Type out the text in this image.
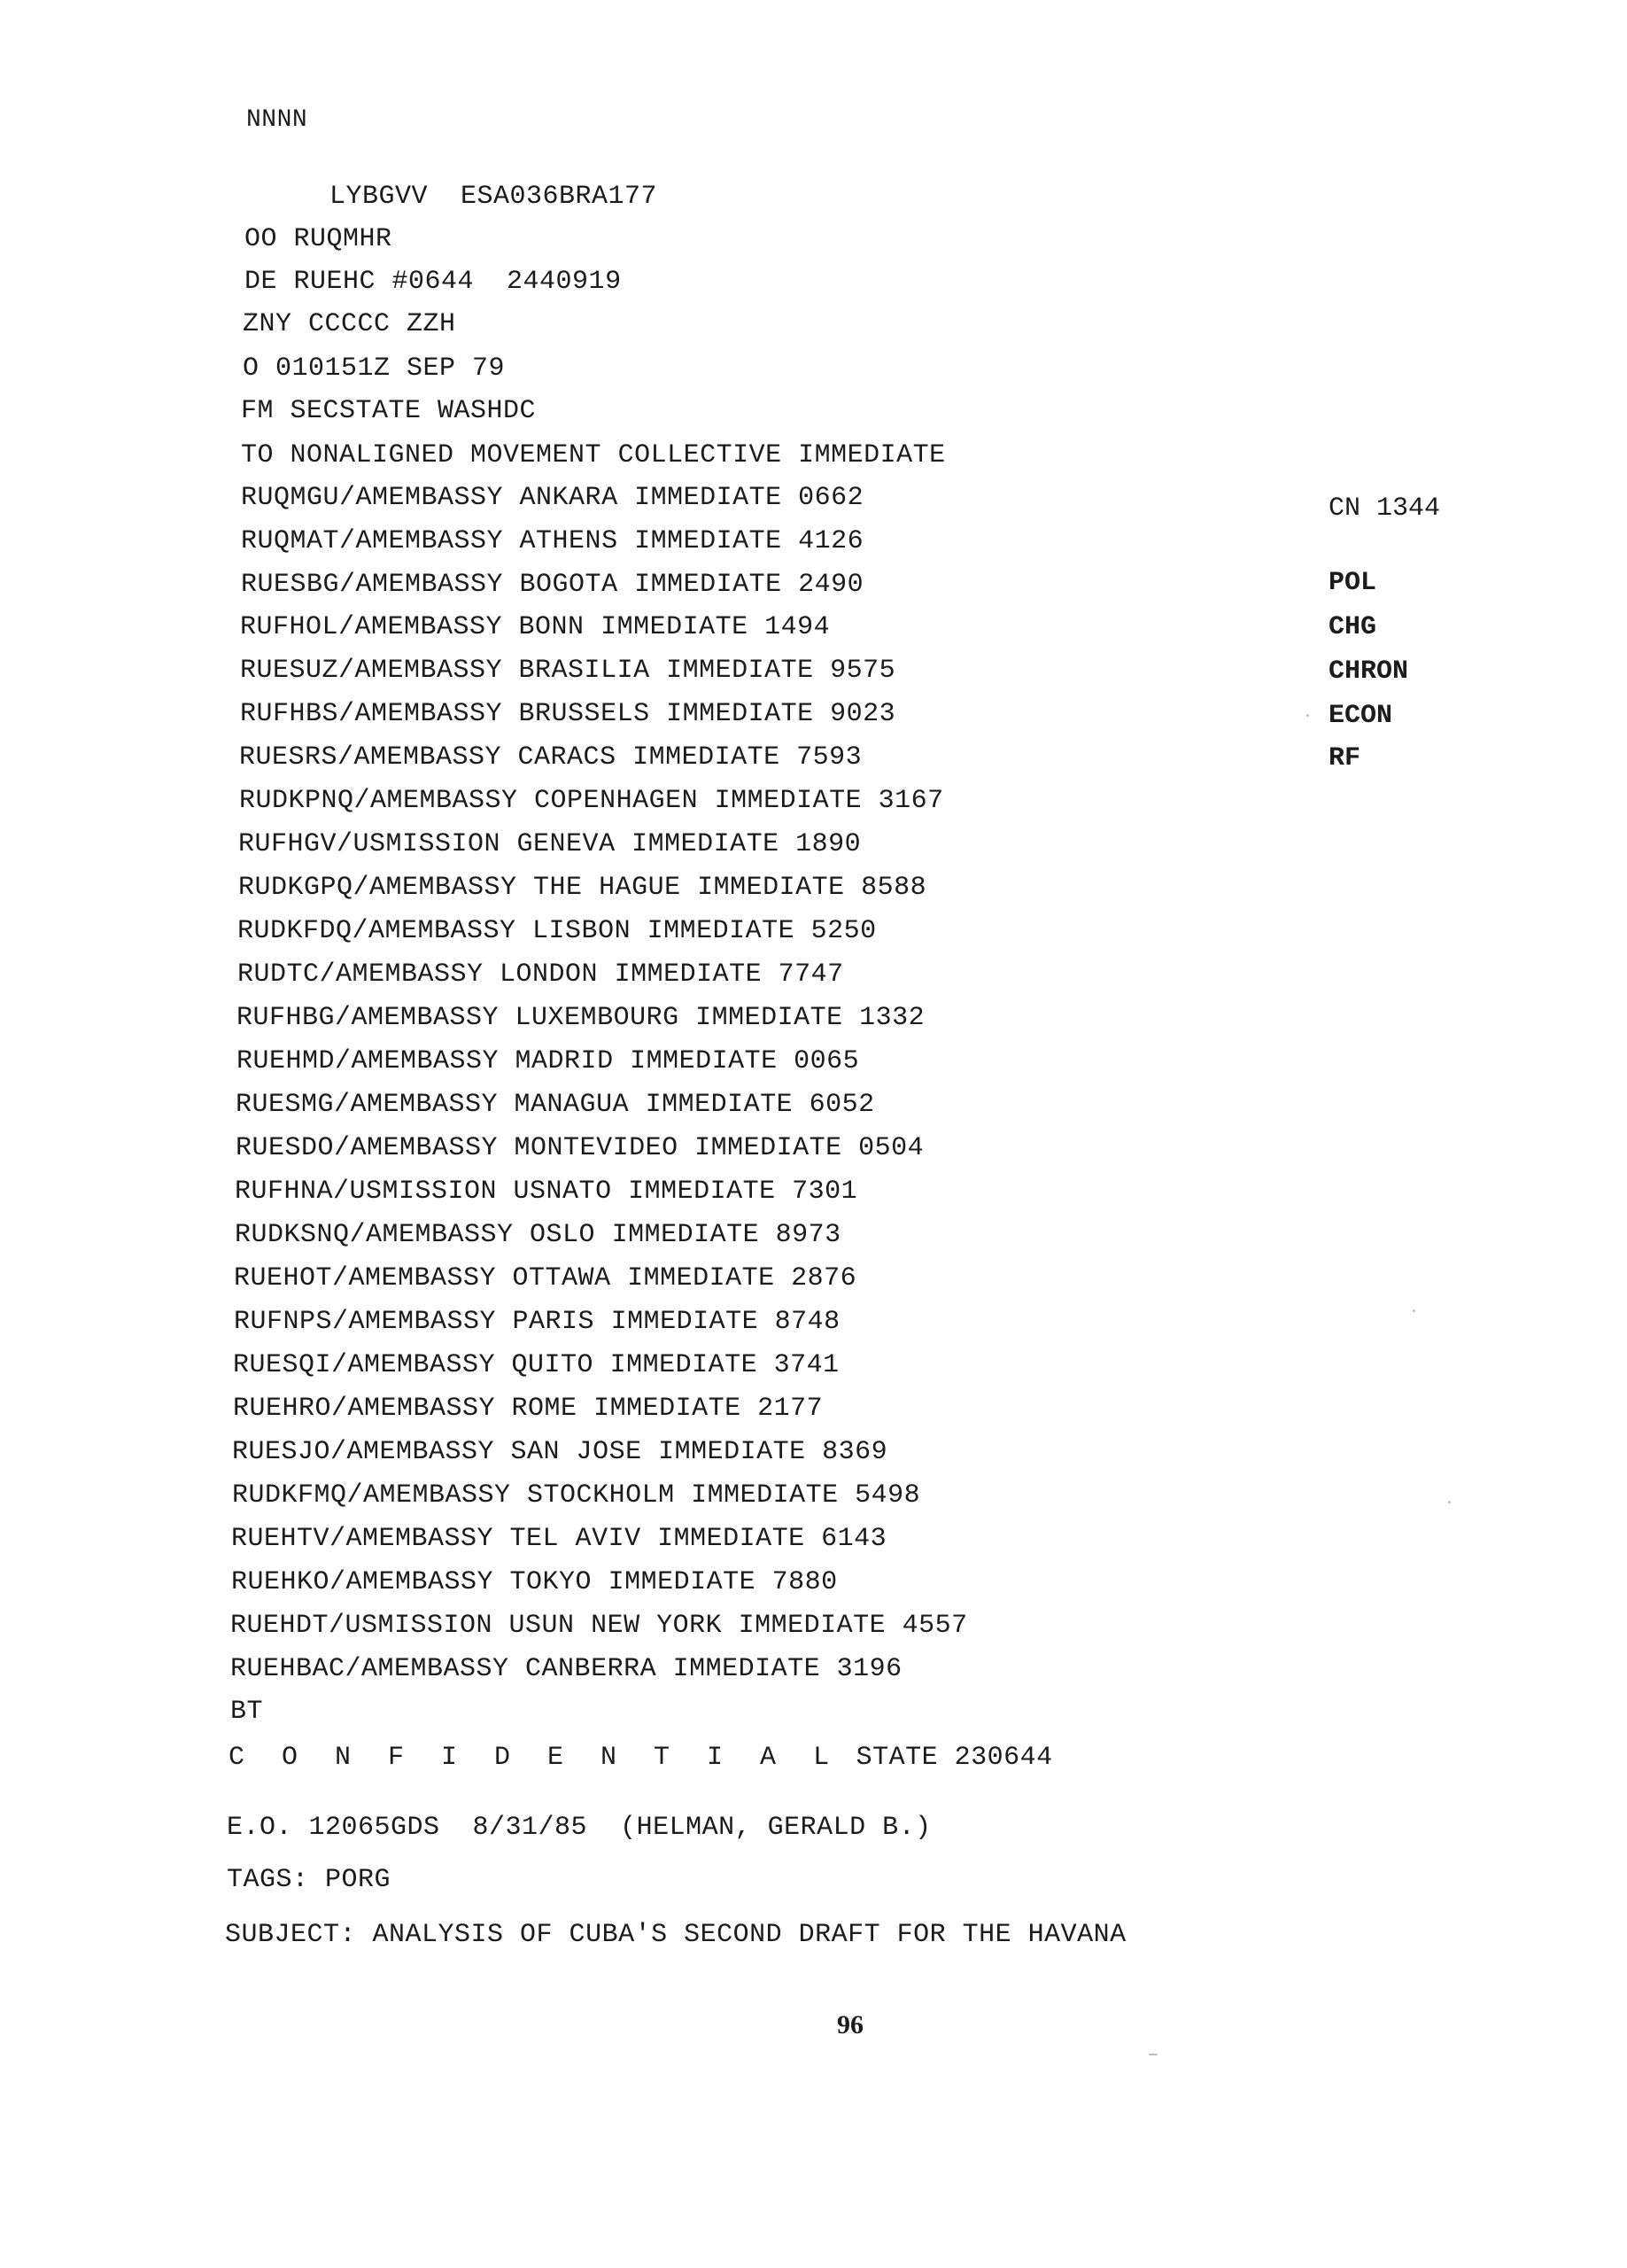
NNNN
LYBGVV  ESA036BRA177
OO RUQMHR
DE RUEHC #0644  2440919
ZNY CCCCC ZZH
O 010151Z SEP 79
FM SECSTATE WASHDC
TO NONALIGNED MOVEMENT COLLECTIVE IMMEDIATE
RUQMGU/AMEMBASSY ANKARA IMMEDIATE 0662
RUQMAT/AMEMBASSY ATHENS IMMEDIATE 4126
RUESBG/AMEMBASSY BOGOTA IMMEDIATE 2490
RUFHOL/AMEMBASSY BONN IMMEDIATE 1494
RUESUZ/AMEMBASSY BRASILIA IMMEDIATE 9575
RUFHBS/AMEMBASSY BRUSSELS IMMEDIATE 9023
RUESRS/AMEMBASSY CARACS IMMEDIATE 7593
RUDKPNQ/AMEMBASSY COPENHAGEN IMMEDIATE 3167
RUFHGV/USMISSION GENEVA IMMEDIATE 1890
RUDKGPQ/AMEMBASSY THE HAGUE IMMEDIATE 8588
RUDKFDQ/AMEMBASSY LISBON IMMEDIATE 5250
RUDTC/AMEMBASSY LONDON IMMEDIATE 7747
RUFHBG/AMEMBASSY LUXEMBOURG IMMEDIATE 1332
RUEHMD/AMEMBASSY MADRID IMMEDIATE 0065
RUESMG/AMEMBASSY MANAGUA IMMEDIATE 6052
RUESDO/AMEMBASSY MONTEVIDEO IMMEDIATE 0504
RUFHNA/USMISSION USNATO IMMEDIATE 7301
RUDKSNQ/AMEMBASSY OSLO IMMEDIATE 8973
RUEHOT/AMEMBASSY OTTAWA IMMEDIATE 2876
RUFNPS/AMEMBASSY PARIS IMMEDIATE 8748
RUESQI/AMEMBASSY QUITO IMMEDIATE 3741
RUEHRO/AMEMBASSY ROME IMMEDIATE 2177
RUESJO/AMEMBASSY SAN JOSE IMMEDIATE 8369
RUDKFMQ/AMEMBASSY STOCKHOLM IMMEDIATE 5498
RUEHTV/AMEMBASSY TEL AVIV IMMEDIATE 6143
RUEHKO/AMEMBASSY TOKYO IMMEDIATE 7880
RUEHDT/USMISSION USUN NEW YORK IMMEDIATE 4557
RUEHBAC/AMEMBASSY CANBERRA IMMEDIATE 3196
BT
C O N F I D E N T I A L STATE 230644
E.O. 12065GDS  8/31/85  (HELMAN, GERALD B.)
TAGS: PORG
SUBJECT: ANALYSIS OF CUBA'S SECOND DRAFT FOR THE HAVANA
CN 1344
POL
CHG
CHRON
ECON
RF
96
